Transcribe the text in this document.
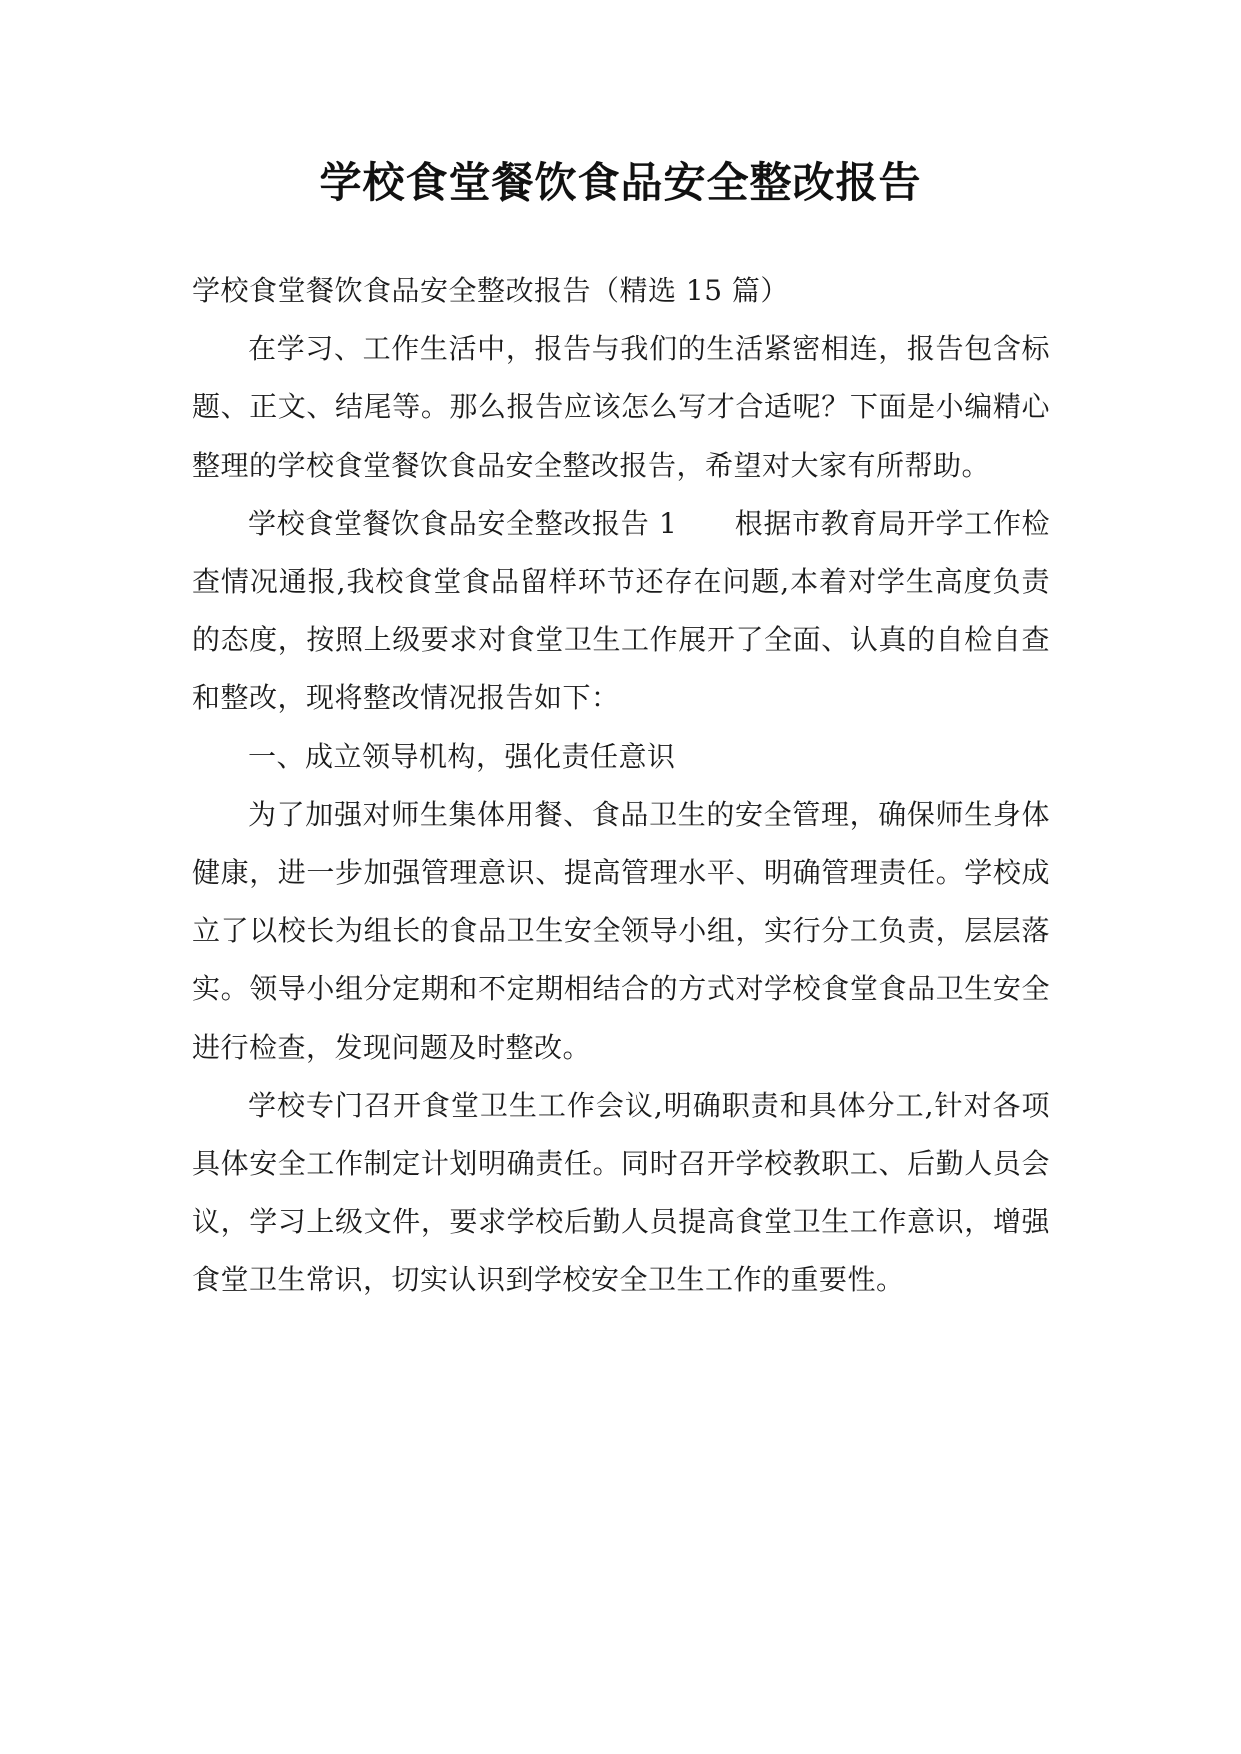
学校食堂餐饮食品安全整改报告

学校食堂餐饮食品安全整改报告（精选 15 篇）

在学习、工作生活中，报告与我们的生活紧密相连，报告包含标题、正文、结尾等。那么报告应该怎么写才合适呢？下面是小编精心整理的学校食堂餐饮食品安全整改报告，希望对大家有所帮助。

学校食堂餐饮食品安全整改报告 1　　根据市教育局开学工作检查情况通报,我校食堂食品留样环节还存在问题,本着对学生高度负责的态度，按照上级要求对食堂卫生工作展开了全面、认真的自检自查和整改，现将整改情况报告如下：

一、成立领导机构，强化责任意识

为了加强对师生集体用餐、食品卫生的安全管理，确保师生身体健康，进一步加强管理意识、提高管理水平、明确管理责任。学校成立了以校长为组长的食品卫生安全领导小组，实行分工负责，层层落实。领导小组分定期和不定期相结合的方式对学校食堂食品卫生安全进行检查，发现问题及时整改。

学校专门召开食堂卫生工作会议,明确职责和具体分工,针对各项具体安全工作制定计划明确责任。同时召开学校教职工、后勤人员会议，学习上级文件，要求学校后勤人员提高食堂卫生工作意识，增强食堂卫生常识，切实认识到学校安全卫生工作的重要性。
